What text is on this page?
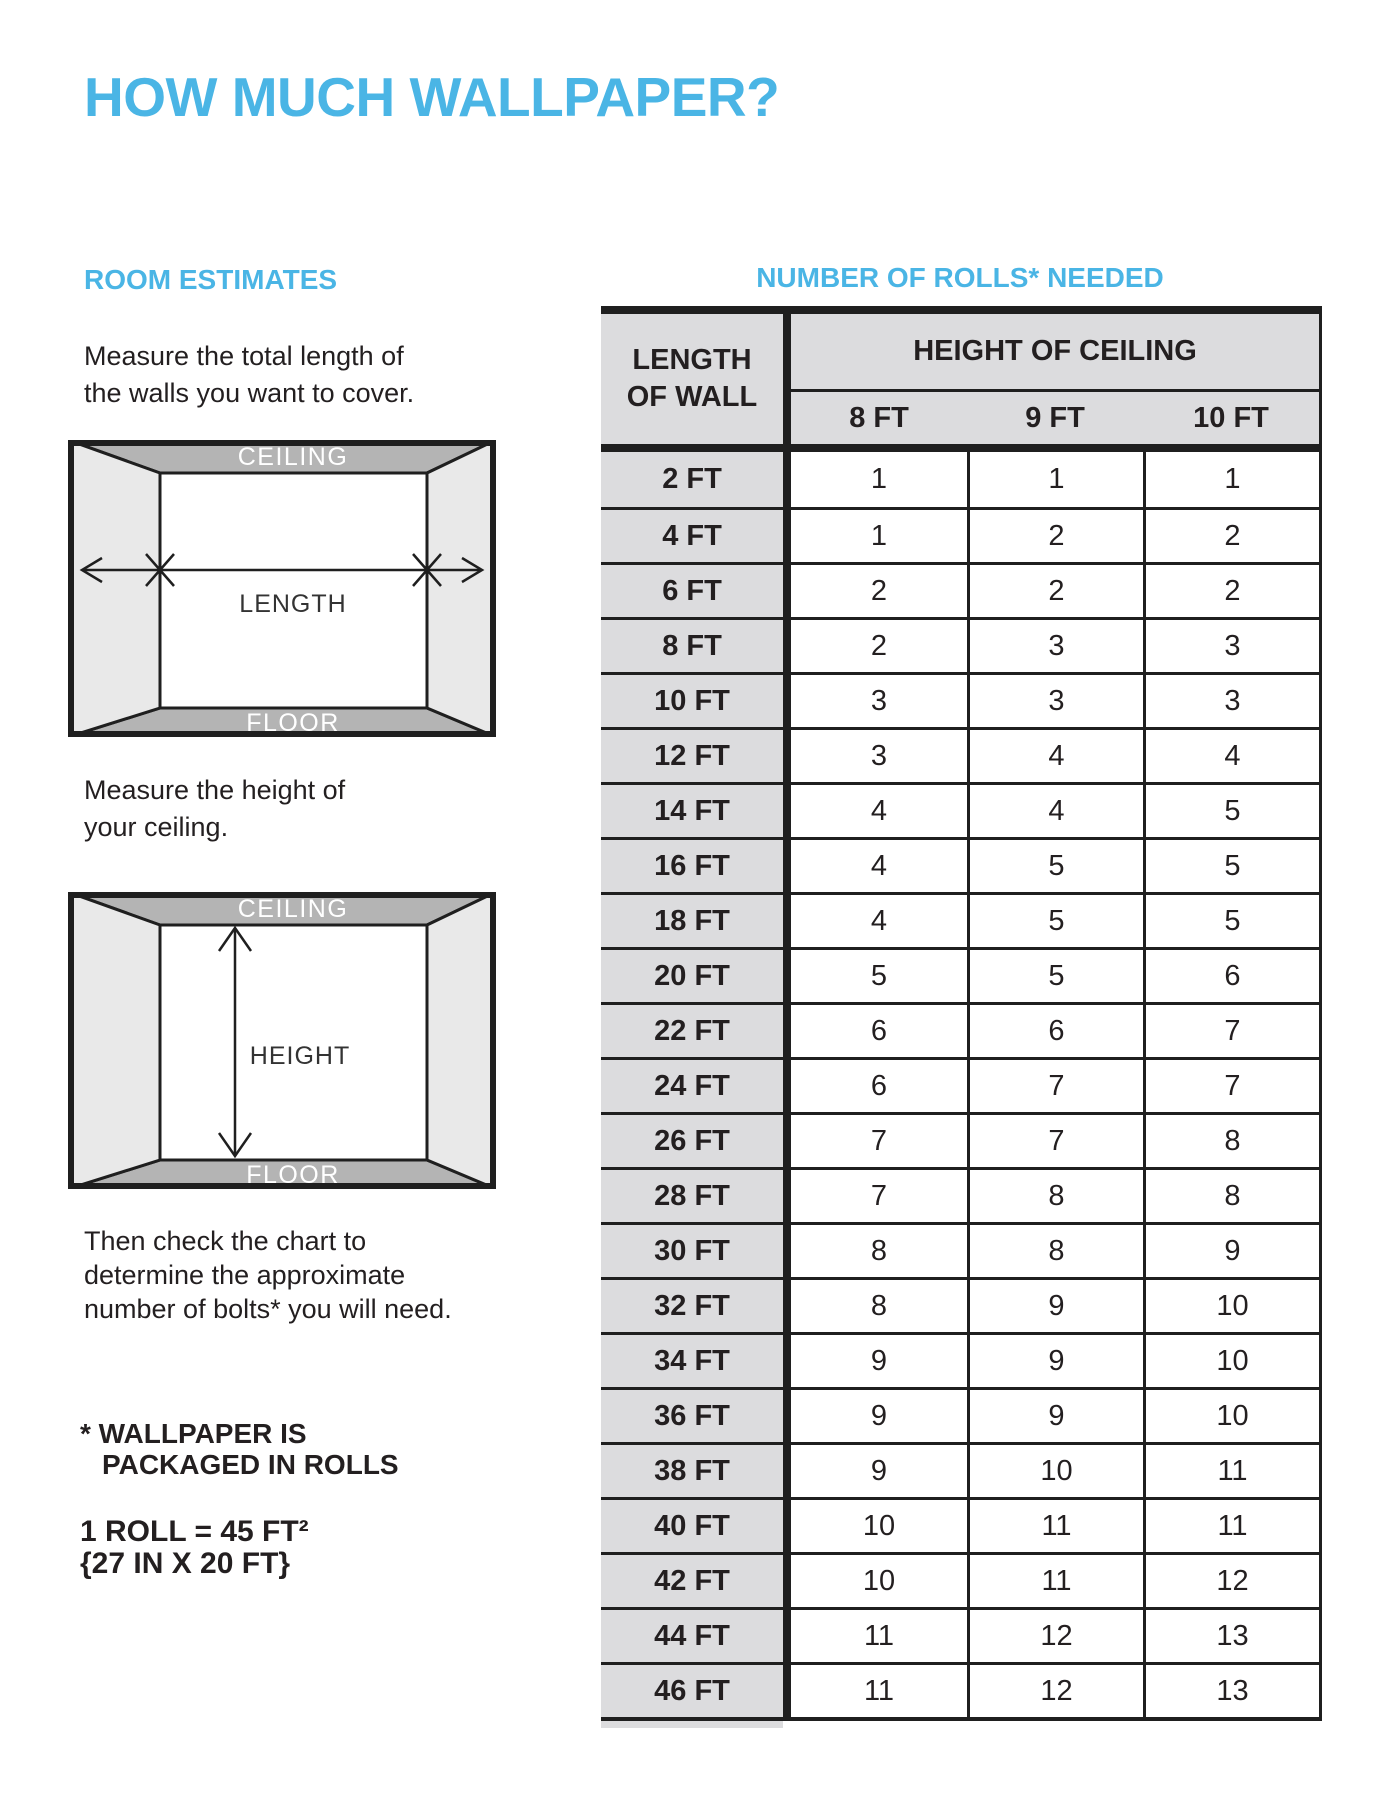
HOW MUCH WALLPAPER?
ROOM ESTIMATES
Measure the total length of
the walls you want to cover.
CEILING
FLOOR
LENGTH
Measure the height of
your ceiling.
CEILING
FLOOR
HEIGHT
Then check the chart to
determine the approximate
number of bolts* you will need.
* WALLPAPER IS
PACKAGED IN ROLLS
1 ROLL = 45 FT²
{27 IN X 20 FT}
NUMBER OF ROLLS* NEEDED
LENGTH
OF WALL
HEIGHT OF CEILING
8 FT	9 FT	10 FT
2 FT	1	1	1
4 FT	1	2	2
6 FT	2	2	2
8 FT	2	3	3
10 FT	3	3	3
12 FT	3	4	4
14 FT	4	4	5
16 FT	4	5	5
18 FT	4	5	5
20 FT	5	5	6
22 FT	6	6	7
24 FT	6	7	7
26 FT	7	7	8
28 FT	7	8	8
30 FT	8	8	9
32 FT	8	9	10
34 FT	9	9	10
36 FT	9	9	10
38 FT	9	10	11
40 FT	10	11	11
42 FT	10	11	12
44 FT	11	12	13
46 FT	11	12	13
